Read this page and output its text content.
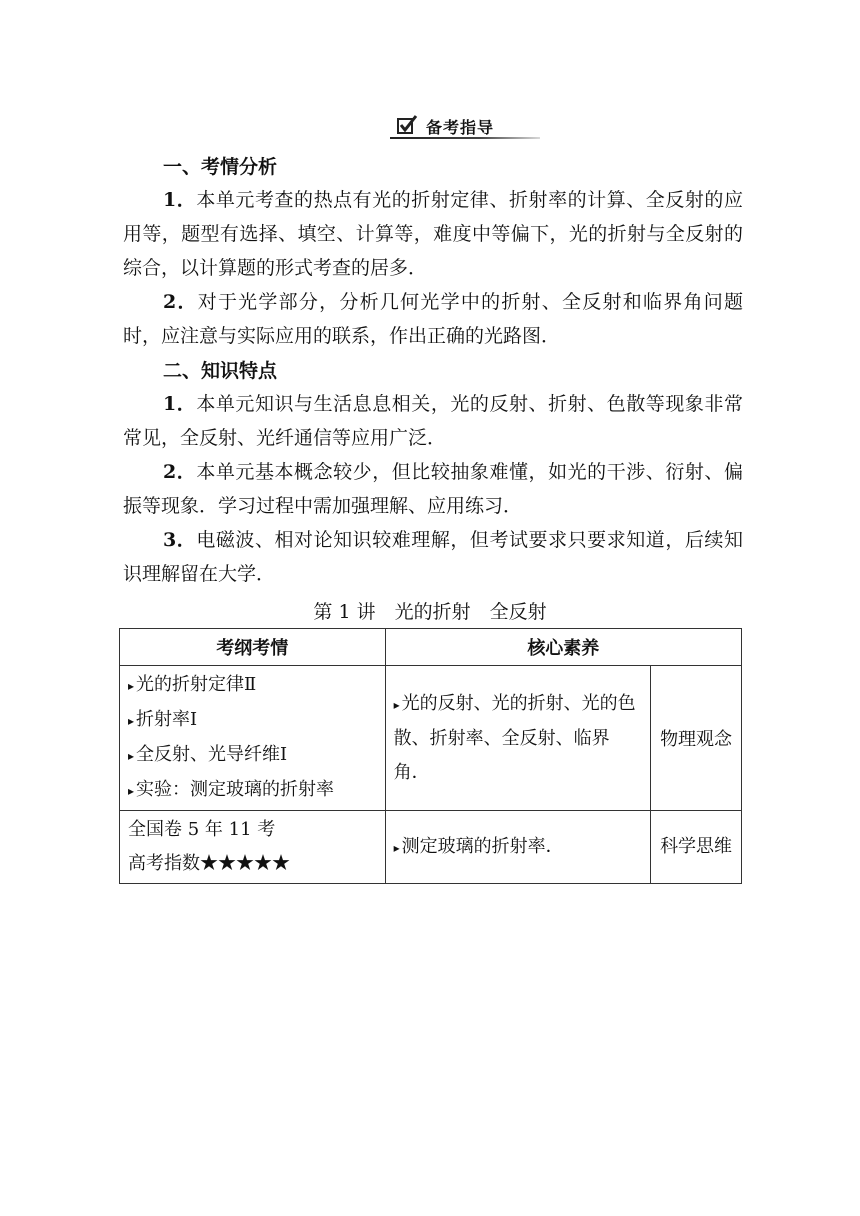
备考指导
一、考情分析
1．本单元考查的热点有光的折射定律、折射率的计算、全反射的应用等，题型有选择、填空、计算等，难度中等偏下，光的折射与全反射的综合，以计算题的形式考查的居多．
2．对于光学部分，分析几何光学中的折射、全反射和临界角问题时，应注意与实际应用的联系，作出正确的光路图．
二、知识特点
1．本单元知识与生活息息相关，光的反射、折射、色散等现象非常常见，全反射、光纤通信等应用广泛．
2．本单元基本概念较少，但比较抽象难懂，如光的干涉、衍射、偏振等现象．学习过程中需加强理解、应用练习．
3．电磁波、相对论知识较难理解，但考试要求只要求知道，后续知识理解留在大学．
第 1 讲　光的折射　全反射
考纲考情	核心素养	

▸ 光的折射定律Ⅱ
▸ 折射率Ⅰ
▸ 全反射、光导纤维Ⅰ
▸ 实验：测定玻璃的折射率	▸ 光的反射、光的折射、光的色散、折射率、全反射、临界角．	物理观念

全国卷 5 年 11 考
高考指数★★★★★	▸ 测定玻璃的折射率．	科学思维
